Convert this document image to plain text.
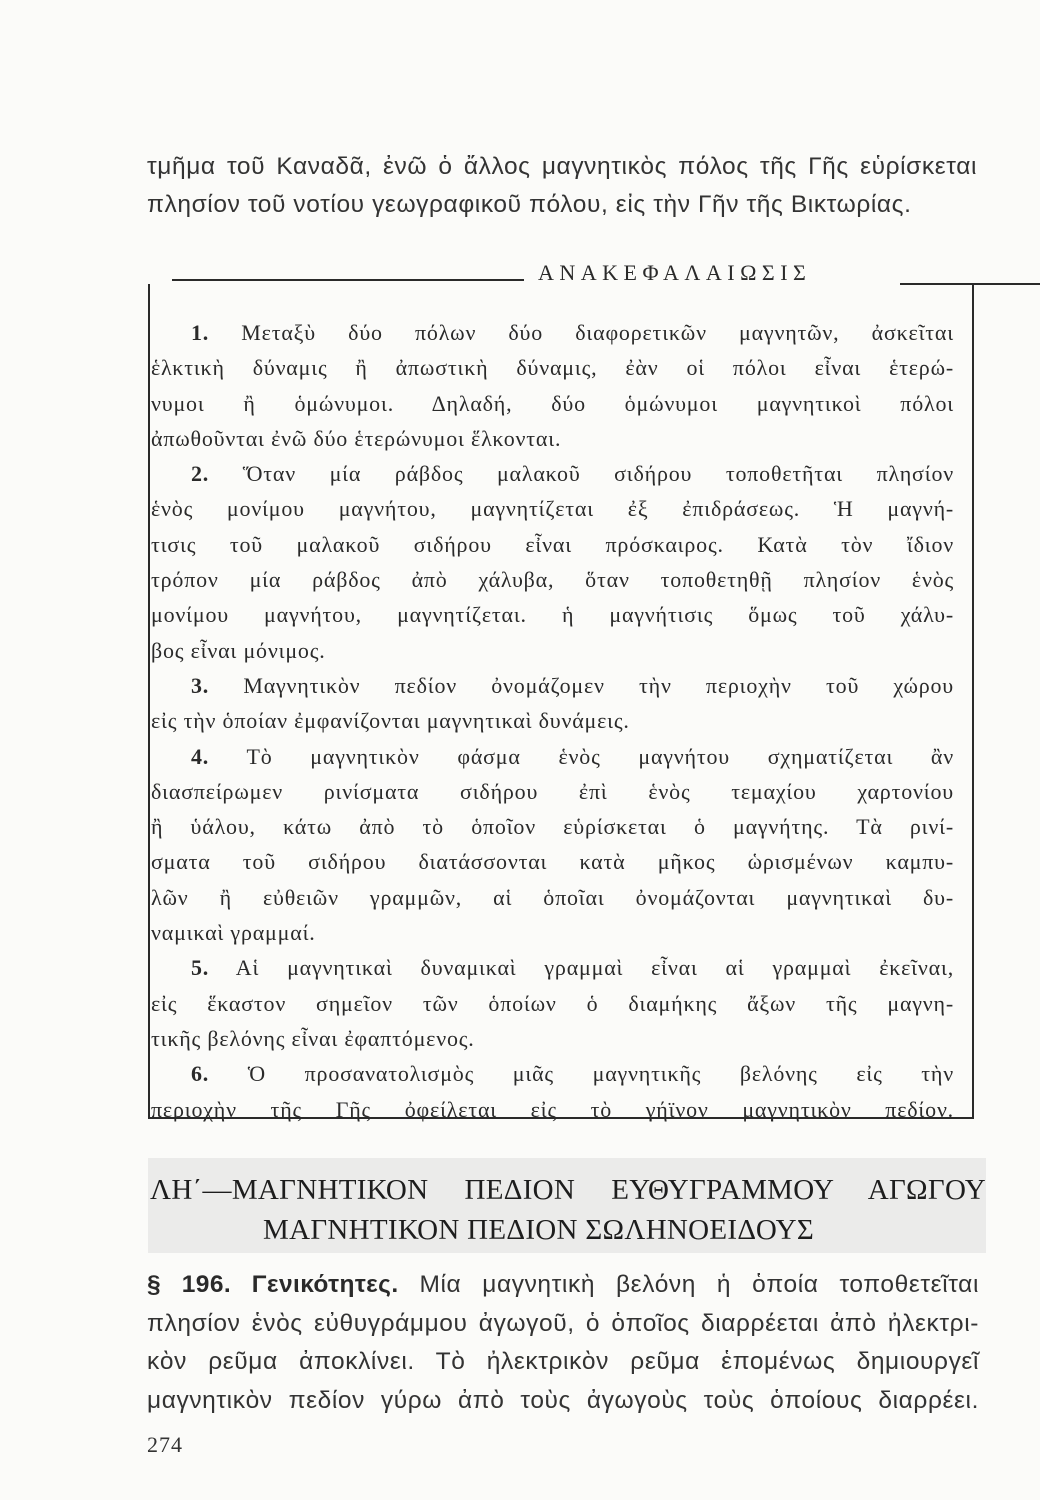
τμῆμα τοῦ Καναδᾶ, ἐνῶ ὁ ἄλλος μαγνητικὸς πόλος τῆς Γῆς εὑρίσκεται

πλησίον τοῦ νοτίου γεωγραφικοῦ πόλου, εἰς τὴν Γῆν τῆς Βικτωρίας.

ΑΝΑΚΕΦΑΛΑΙΩΣΙΣ
1. Μεταξὺ δύο πόλων δύο διαφορετικῶν μαγνητῶν, ἀσκεῖται
ἑλκτικὴ δύναμις ἢ ἀπωστικὴ δύναμις, ἐὰν οἱ πόλοι εἶναι ἑτερώ-
νυμοι ἢ ὁμώνυμοι. Δηλαδή, δύο ὁμώνυμοι μαγνητικοὶ πόλοι
ἀπωθοῦνται ἐνῶ δύο ἑτερώνυμοι ἕλκονται.
2. Ὅταν μία ράβδος μαλακοῦ σιδήρου τοποθετῆται πλησίον
ἑνὸς μονίμου μαγνήτου, μαγνητίζεται ἐξ ἐπιδράσεως. Ἡ μαγνή-
τισις τοῦ μαλακοῦ σιδήρου εἶναι πρόσκαιρος. Κατὰ τὸν ἴδιον
τρόπον μία ράβδος ἀπὸ χάλυβα, ὅταν τοποθετηθῇ πλησίον ἑνὸς
μονίμου μαγνήτου, μαγνητίζεται. ἡ μαγνήτισις ὅμως τοῦ χάλυ-
βος εἶναι μόνιμος.
3. Μαγνητικὸν πεδίον ὀνομάζομεν τὴν περιοχὴν τοῦ χώρου
εἰς τὴν ὁποίαν ἐμφανίζονται μαγνητικαὶ δυνάμεις.
4. Τὸ μαγνητικὸν φάσμα ἑνὸς μαγνήτου σχηματίζεται ἂν
διασπείρωμεν ρινίσματα σιδήρου ἐπὶ ἑνὸς τεμαχίου χαρτονίου
ἢ ὑάλου, κάτω ἀπὸ τὸ ὁποῖον εὑρίσκεται ὁ μαγνήτης. Τὰ ρινί-
σματα τοῦ σιδήρου διατάσσονται κατὰ μῆκος ὡρισμένων καμπυ-
λῶν ἢ εὐθειῶν γραμμῶν, αἱ ὁποῖαι ὀνομάζονται μαγνητικαὶ δυ-
ναμικαὶ γραμμαί.
5. Αἱ μαγνητικαὶ δυναμικαὶ γραμμαὶ εἶναι αἱ γραμμαὶ ἐκεῖναι,
εἰς ἕκαστον σημεῖον τῶν ὁποίων ὁ διαμήκης ἄξων τῆς μαγνη-
τικῆς βελόνης εἶναι ἐφαπτόμενος.
6. Ὁ προσανατολισμὸς μιᾶς μαγνητικῆς βελόνης εἰς τὴν
περιοχὴν τῆς Γῆς ὀφείλεται εἰς τὸ γήϊνον μαγνητικὸν πεδίον.
ΛΗ΄—ΜΑΓΝΗΤΙΚΟΝ ΠΕΔΙΟΝ ΕΥΘΥΓΡΑΜΜΟΥ ΑΓΩΓΟΥ
ΜΑΓΝΗΤΙΚΟΝ ΠΕΔΙΟΝ ΣΩΛΗΝΟΕΙΔΟΥΣ
§ 196. Γενικότητες. Μία μαγνητικὴ βελόνη ἡ ὁποία τοποθετεῖται
πλησίον ἑνὸς εὐθυγράμμου ἀγωγοῦ, ὁ ὁποῖος διαρρέεται ἀπὸ ἠλεκτρι-
κὸν ρεῦμα ἀποκλίνει. Τὸ ἠλεκτρικὸν ρεῦμα ἑπομένως δημιουργεῖ
μαγνητικὸν πεδίον γύρω ἀπὸ τοὺς ἀγωγοὺς τοὺς ὁποίους διαρρέει.
274
